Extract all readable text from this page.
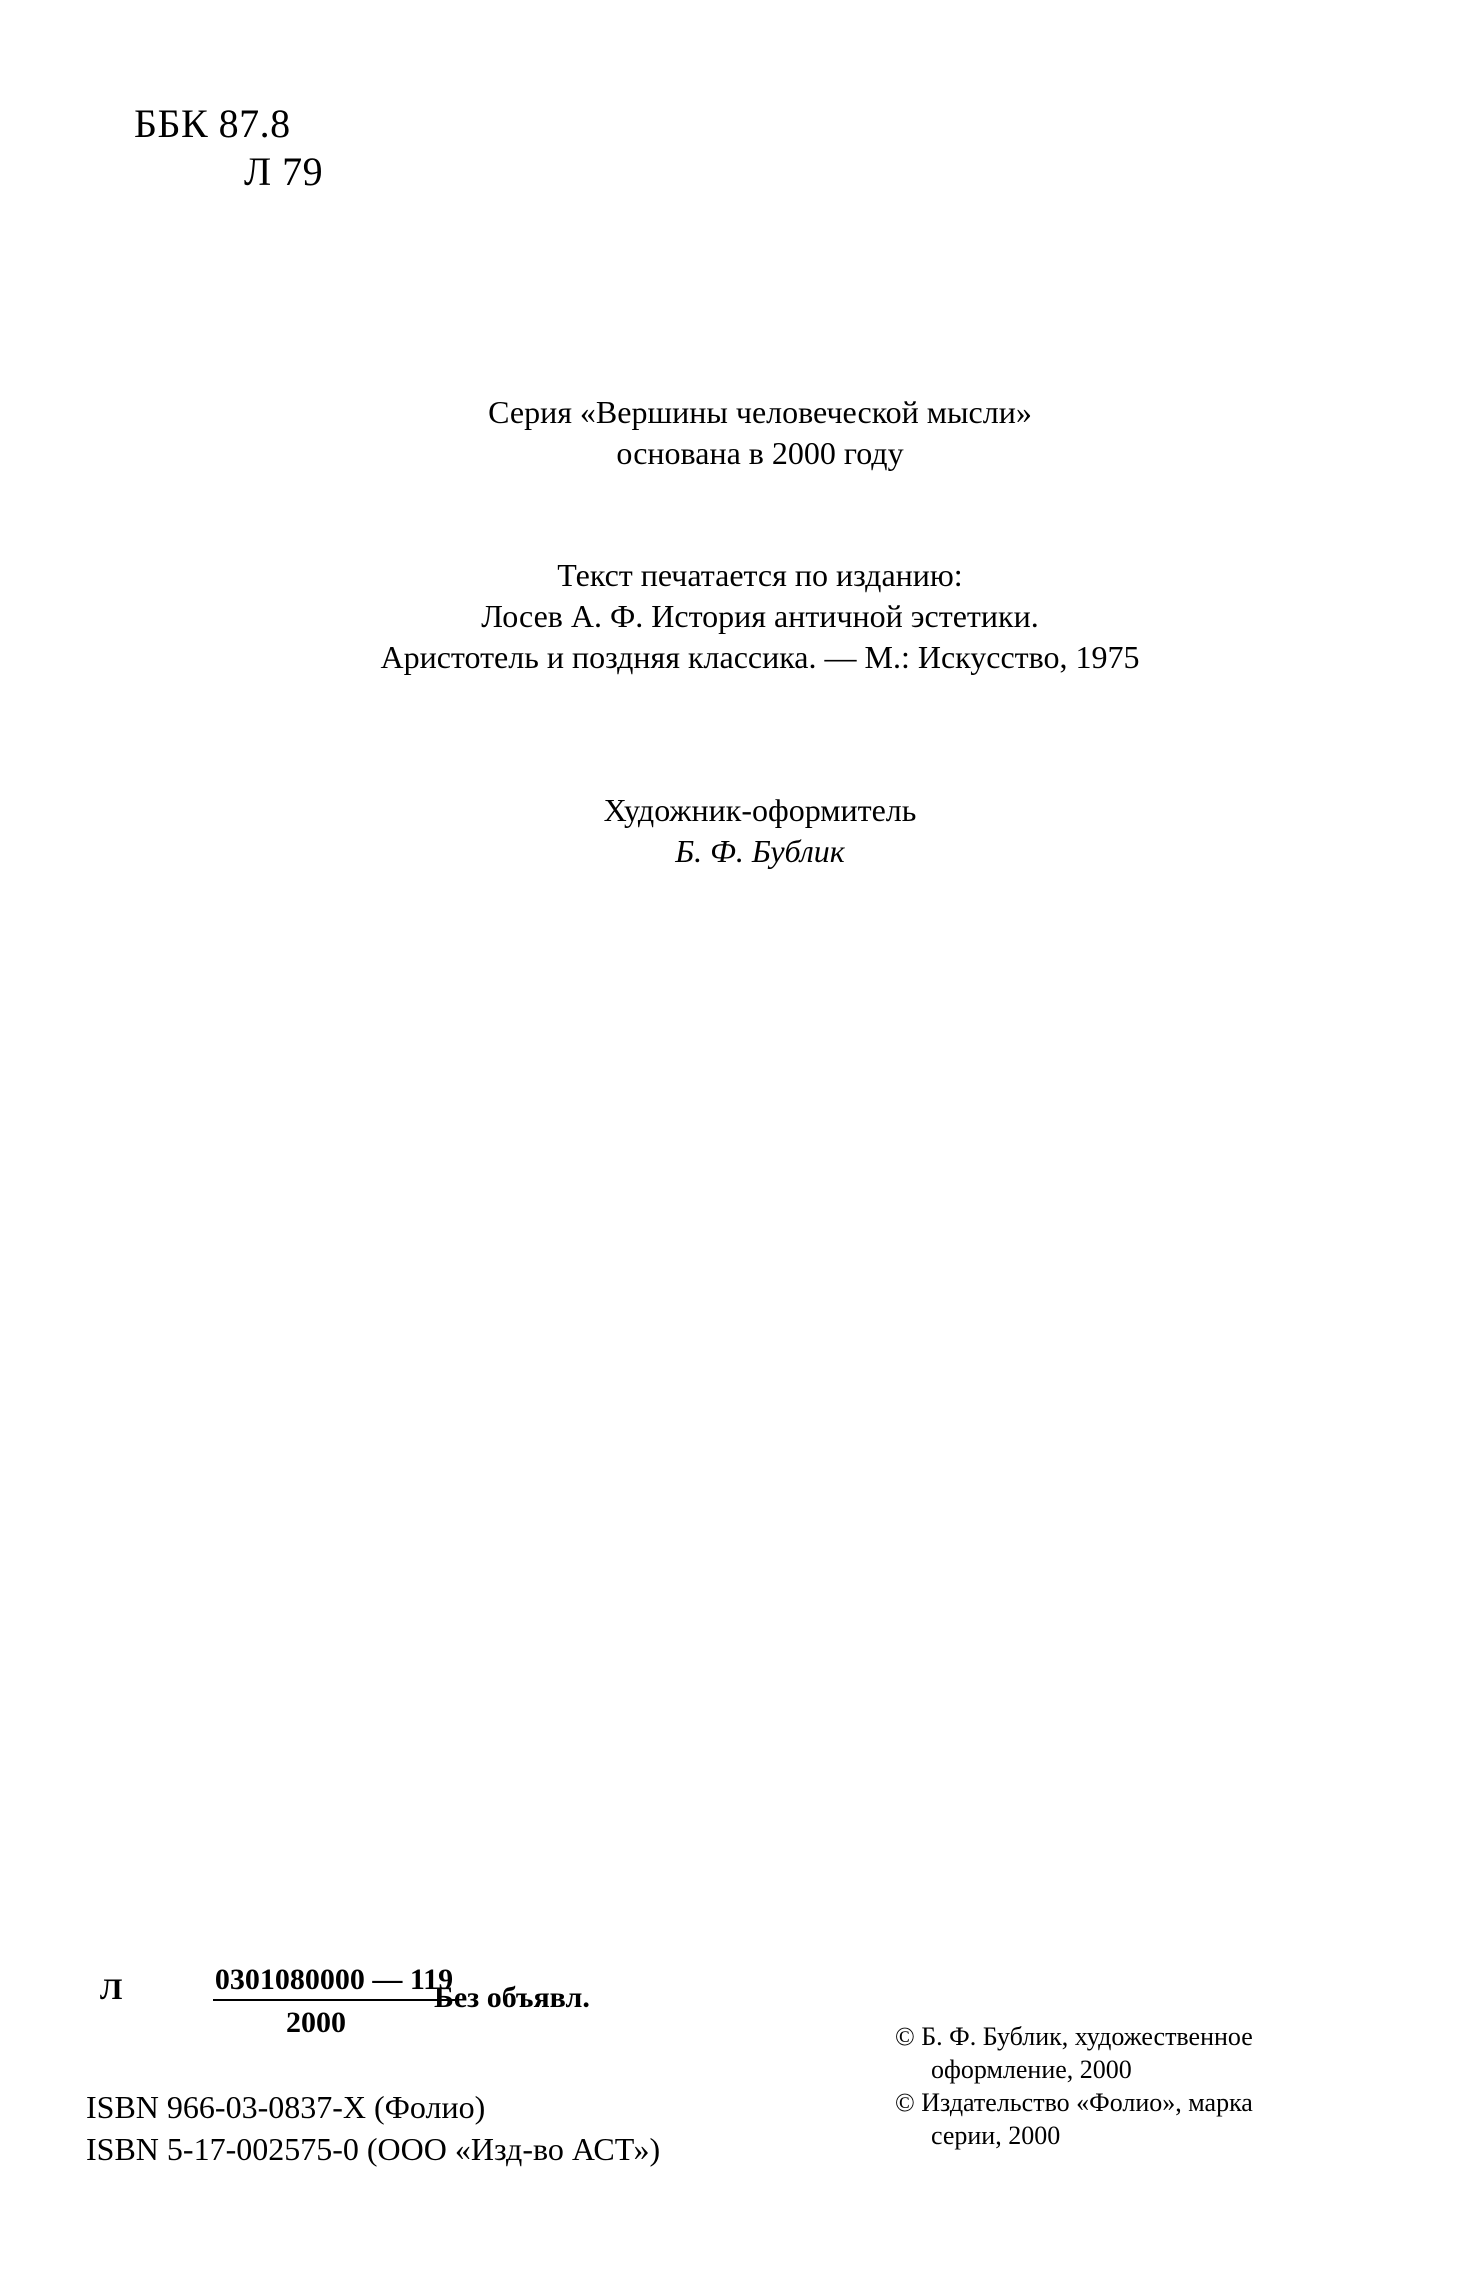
ББК 87.8
Л 79
Серия «Вершины человеческой мысли»
основана в 2000 году
Текст печатается по изданию:
Лосев А. Ф. История античной эстетики.
Аристотель и поздняя классика. — М.: Искусство, 1975
Художник-оформитель
Б. Ф. Бублик
Л $\frac{0301080000 — 119}{2000}$
Без объявл.
ISBN 966-03-0837-X (Фолио)
ISBN 5-17-002575-0 (ООО «Изд-во АСТ»)
© Б. Ф. Бублик, художественное
оформление, 2000
© Издательство «Фолио», марка
серии, 2000
